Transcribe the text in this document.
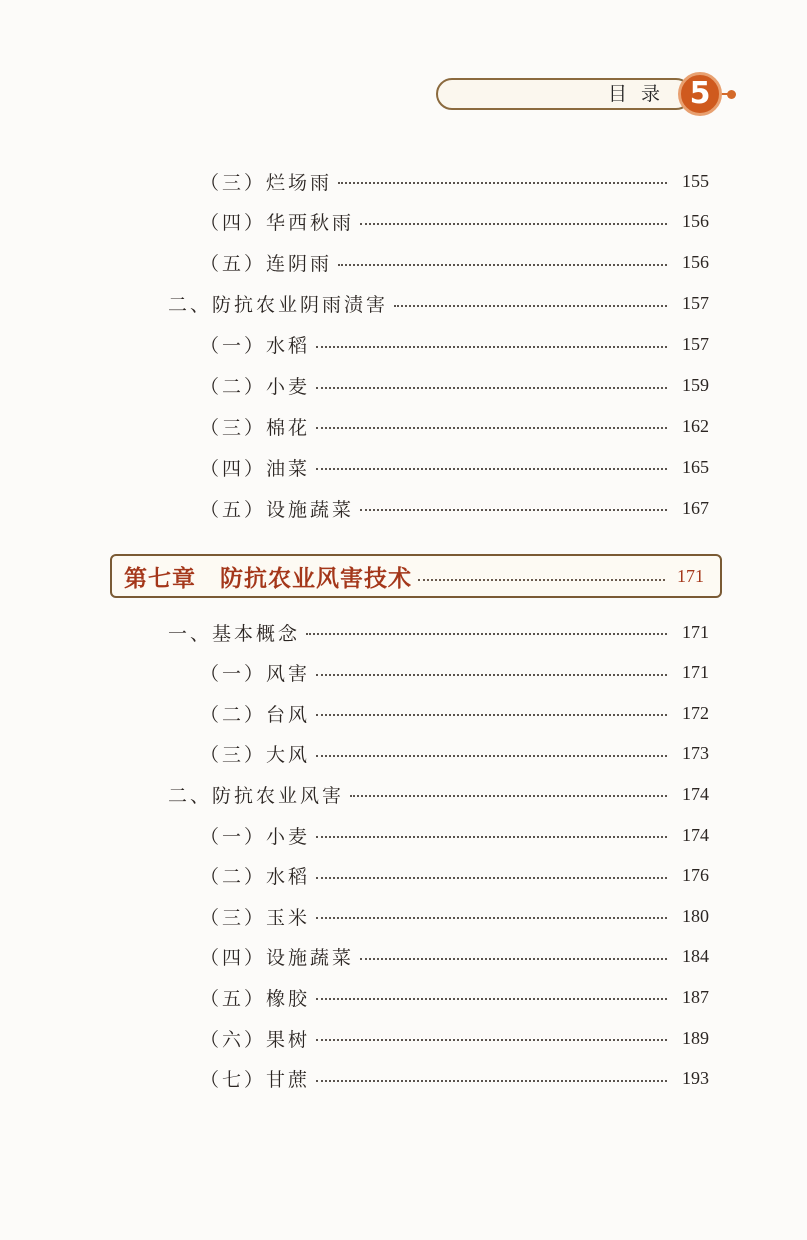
目录 5
（三）烂场雨	155
（四）华西秋雨	156
（五）连阴雨	156
二、防抗农业阴雨渍害	157
（一）水稻	157
（二）小麦	159
（三）棉花	162
（四）油菜	165
（五）设施蔬菜	167
第七章 防抗农业风害技术	171
一、基本概念	171
（一）风害	171
（二）台风	172
（三）大风	173
二、防抗农业风害	174
（一）小麦	174
（二）水稻	176
（三）玉米	180
（四）设施蔬菜	184
（五）橡胶	187
（六）果树	189
（七）甘蔗	193
